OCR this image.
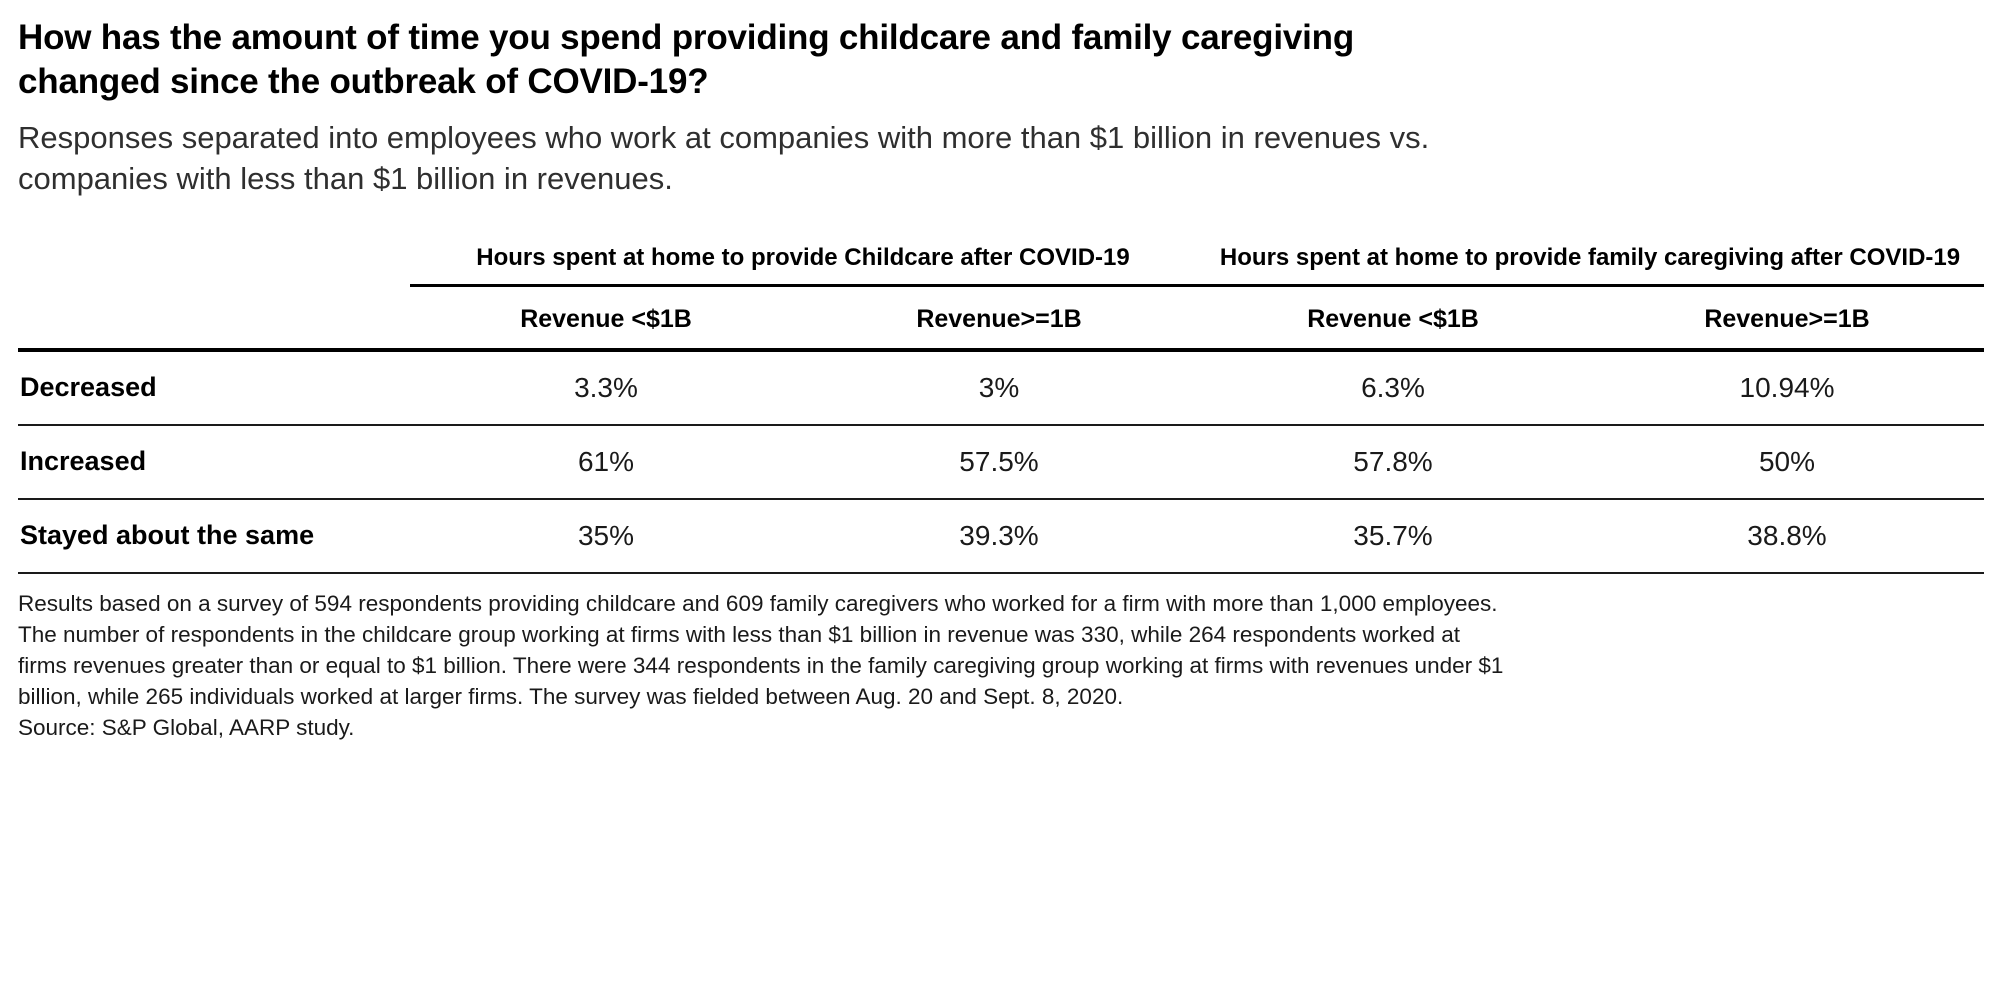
How has the amount of time you spend providing childcare and family caregiving changed since the outbreak of COVID-19?
Responses separated into employees who work at companies with more than $1 billion in revenues vs. companies with less than $1 billion in revenues.
	Hours spent at home to provide Childcare after COVID-19		Hours spent at home to provide family caregiving after COVID-19	
	Revenue <$1B	Revenue>=1B	Revenue <$1B	Revenue>=1B
Decreased	3.3%	3%	6.3%	10.94%
Increased	61%	57.5%	57.8%	50%
Stayed about the same	35%	39.3%	35.7%	38.8%
Results based on a survey of 594 respondents providing childcare and 609 family caregivers who worked for a firm with more than 1,000 employees.
The number of respondents in the childcare group working at firms with less than $1 billion in revenue was 330, while 264 respondents worked at
firms revenues greater than or equal to $1 billion. There were 344 respondents in the family caregiving group working at firms with revenues under $1
billion, while 265 individuals worked at larger firms. The survey was fielded between Aug. 20 and Sept. 8, 2020.
Source: S&P Global, AARP study.
